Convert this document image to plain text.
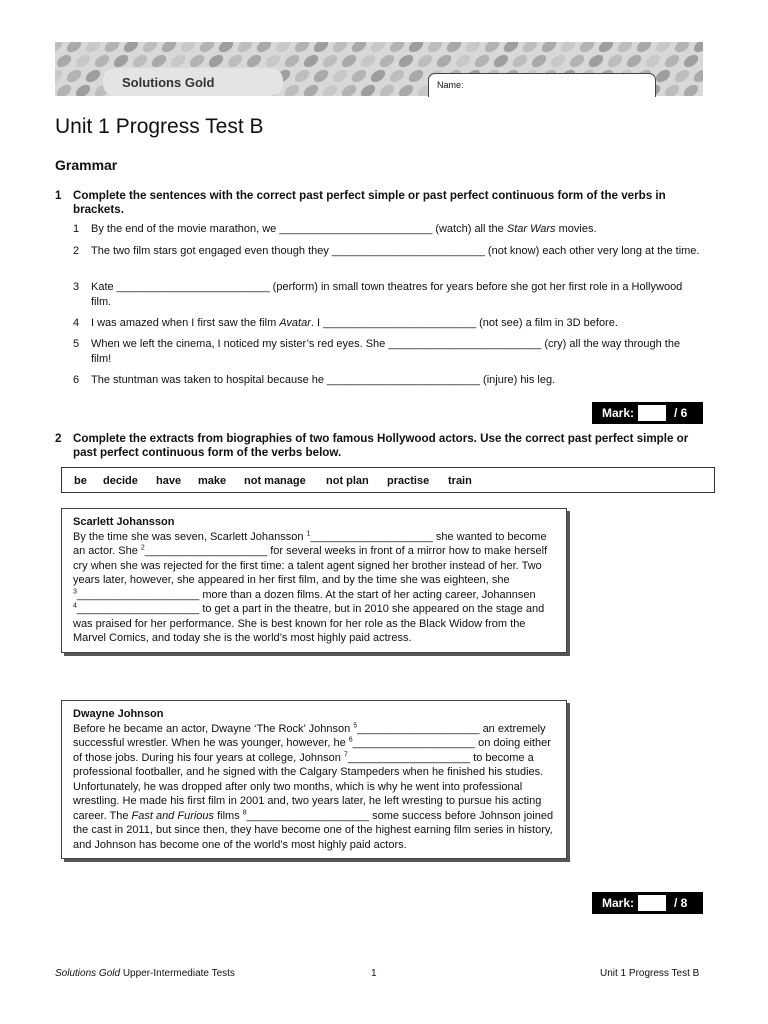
Solutions Gold	Name:
Unit 1 Progress Test B
Grammar
1 Complete the sentences with the correct past perfect simple or past perfect continuous form of the verbs in brackets.
1 By the end of the movie marathon, we _________________________ (watch) all the Star Wars movies.
2 The two film stars got engaged even though they _________________________ (not know) each other very long at the time.
3 Kate _________________________ (perform) in small town theatres for years before she got her first role in a Hollywood film.
4 I was amazed when I first saw the film Avatar. I _________________________ (not see) a film in 3D before.
5 When we left the cinema, I noticed my sister’s red eyes. She _________________________ (cry) all the way through the film!
6 The stuntman was taken to hospital because he _________________________ (injure) his leg.
Mark:	/ 6
2 Complete the extracts from biographies of two famous Hollywood actors. Use the correct past perfect simple or past perfect continuous form of the verbs below.
be decide have make not manage not plan practise train
Scarlett Johansson
By the time she was seven, Scarlett Johansson $^1$____________________ she wanted to become an actor. She $^2$____________________ for several weeks in front of a mirror how to make herself cry when she was rejected for the first time: a talent agent signed her brother instead of her. Two years later, however, she appeared in her first film, and by the time she was eighteen, she $^3$____________________ more than a dozen films. At the start of her acting career, Johannsen $^4$____________________ to get a part in the theatre, but in 2010 she appeared on the stage and was praised for her performance. She is best known for her role as the Black Widow from the Marvel Comics, and today she is the world’s most highly paid actress.
Dwayne Johnson
Before he became an actor, Dwayne ‘The Rock’ Johnson $^5$____________________ an extremely successful wrestler. When he was younger, however, he $^6$____________________ on doing either of those jobs. During his four years at college, Johnson $^7$____________________ to become a professional footballer, and he signed with the Calgary Stampeders when he finished his studies. Unfortunately, he was dropped after only two months, which is why he went into professional wrestling. He made his first film in 2001 and, two years later, he left wresting to pursue his acting career. The Fast and Furious films $^8$____________________ some success before Johnson joined the cast in 2011, but since then, they have become one of the highest earning film series in history, and Johnson has become one of the world’s most highly paid actors.
Mark:	/ 8
Solutions Gold Upper-Intermediate Tests	1	Unit 1 Progress Test B
